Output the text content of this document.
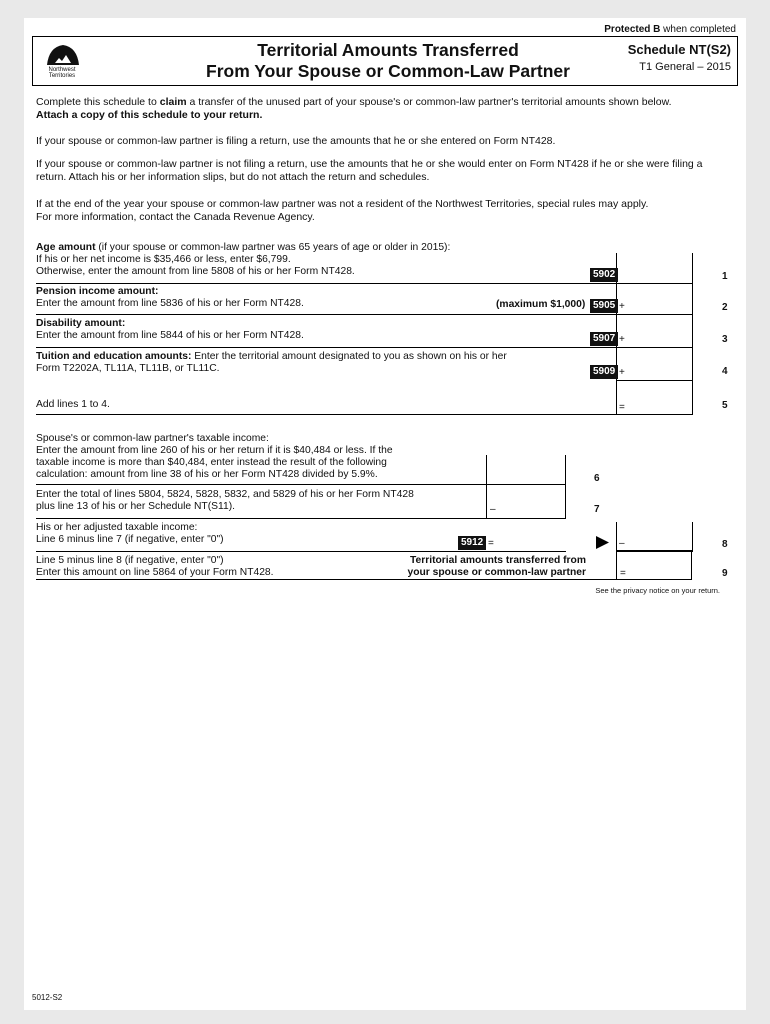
Protected B when completed
Northwest
Territories
Territorial Amounts Transferred
From Your Spouse or Common-Law Partner
Schedule NT(S2)
T1 General – 2015
Complete this schedule to claim a transfer of the unused part of your spouse's or common-law partner's territorial amounts shown below.
Attach a copy of this schedule to your return.
If your spouse or common-law partner is filing a return, use the amounts that he or she entered on Form NT428.
If your spouse or common-law partner is not filing a return, use the amounts that he or she would enter on Form NT428 if he or she were filing a return. Attach his or her information slips, but do not attach the return and schedules.
If at the end of the year your spouse or common-law partner was not a resident of the Northwest Territories, special rules may apply.
For more information, contact the Canada Revenue Agency.
Age amount (if your spouse or common-law partner was 65 years of age or older in 2015):
If his or her net income is $35,466 or less, enter $6,799.
Otherwise, enter the amount from line 5808 of his or her Form NT428.	5902	1
Pension income amount:
Enter the amount from line 5836 of his or her Form NT428.	(maximum $1,000) 5905 +	2
Disability amount:
Enter the amount from line 5844 of his or her Form NT428.	5907 +	3
Tuition and education amounts: Enter the territorial amount designated to you as shown on his or her
Form T2202A, TL11A, TL11B, or TL11C.	5909 +	4
Add lines 1 to 4.	=	5
Spouse's or common-law partner's taxable income:
Enter the amount from line 260 of his or her return if it is $40,484 or less. If the
taxable income is more than $40,484, enter instead the result of the following
calculation: amount from line 38 of his or her Form NT428 divided by 5.9%.	6
Enter the total of lines 5804, 5824, 5828, 5832, and 5829 of his or her Form NT428
plus line 13 of his or her Schedule NT(S11).	–	7
His or her adjusted taxable income:
Line 6 minus line 7 (if negative, enter "0")	5912 =	–	8
Line 5 minus line 8 (if negative, enter "0")
Enter this amount on line 5864 of your Form NT428.
Territorial amounts transferred from
your spouse or common-law partner	=	9
See the privacy notice on your return.
5012-S2
